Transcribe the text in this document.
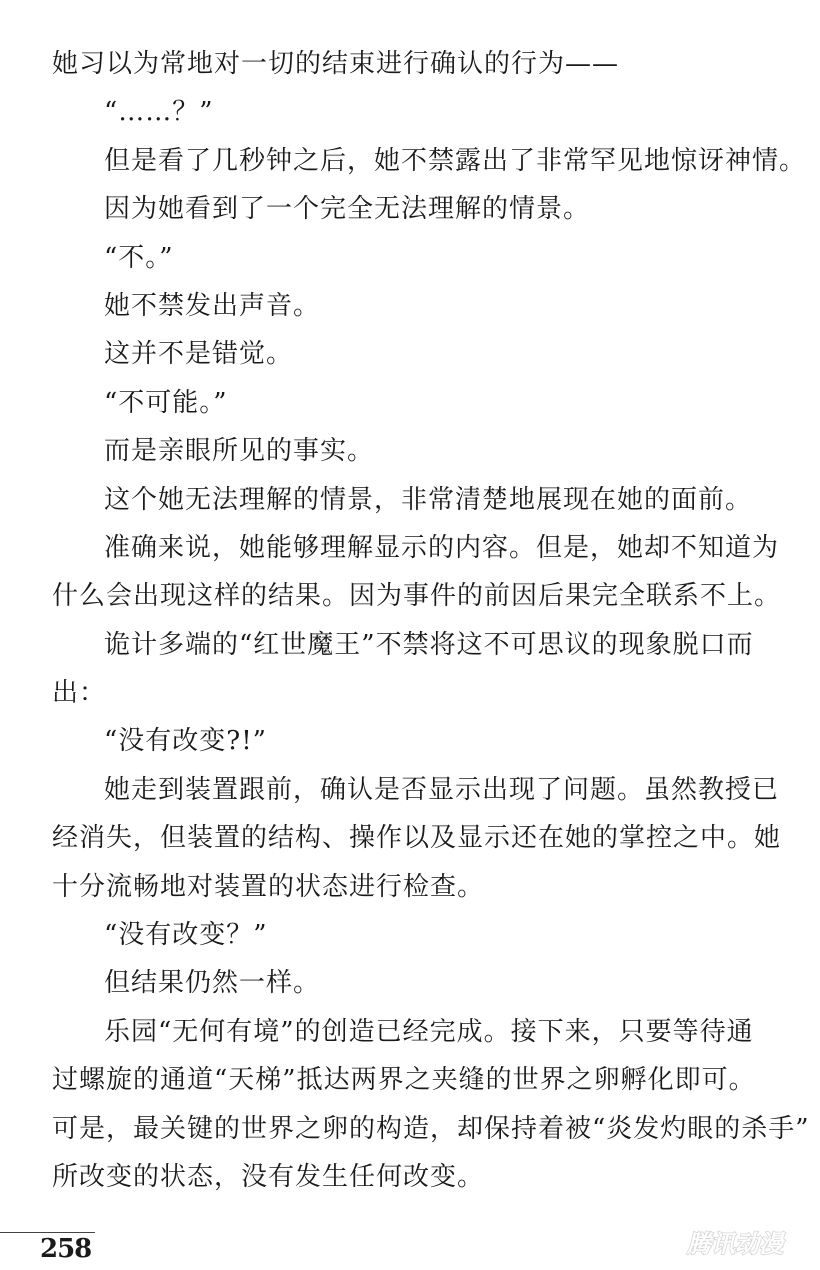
她习以为常地对一切的结束进行确认的行为——
“……？”
但是看了几秒钟之后，她不禁露出了非常罕见地惊讶神情。
因为她看到了一个完全无法理解的情景。
“不。”
她不禁发出声音。
这并不是错觉。
“不可能。”
而是亲眼所见的事实。
这个她无法理解的情景，非常清楚地展现在她的面前。
准确来说，她能够理解显示的内容。但是，她却不知道为
什么会出现这样的结果。因为事件的前因后果完全联系不上。
诡计多端的“红世魔王”不禁将这不可思议的现象脱口而
出：
“没有改变?!”
她走到装置跟前，确认是否显示出现了问题。虽然教授已
经消失，但装置的结构、操作以及显示还在她的掌控之中。她
十分流畅地对装置的状态进行检查。
“没有改变？”
但结果仍然一样。
乐园“无何有境”的创造已经完成。接下来，只要等待通
过螺旋的通道“天梯”抵达两界之夹缝的世界之卵孵化即可。
可是，最关键的世界之卵的构造，却保持着被“炎发灼眼的杀手”
所改变的状态，没有发生任何改变。
258	腾讯动漫
